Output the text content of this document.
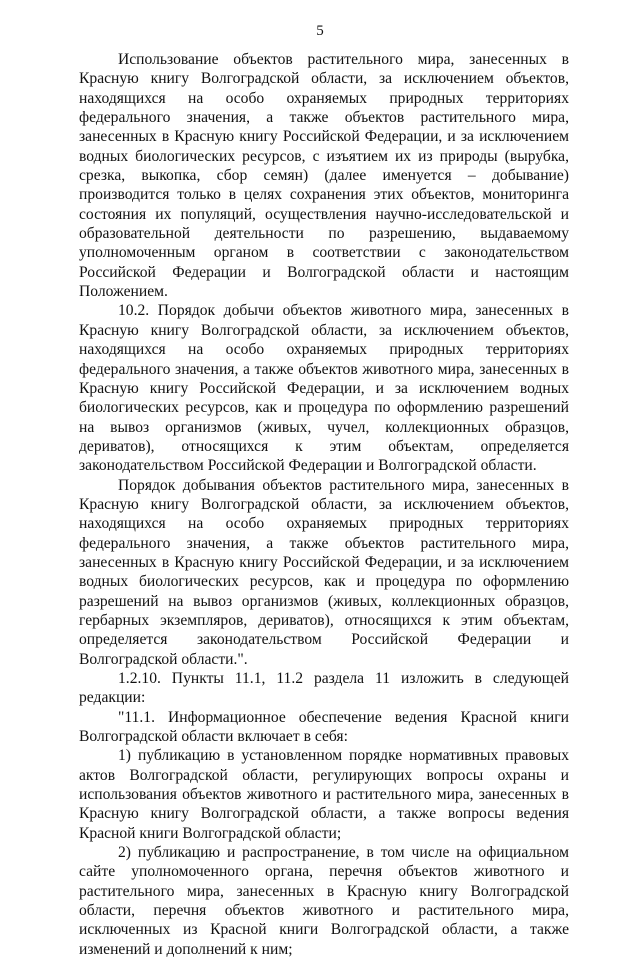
5

Использование объектов растительного мира, занесенных в Красную книгу Волгоградской области, за исключением объектов, находящихся на особо охраняемых природных территориях федерального значения, а также объектов растительного мира, занесенных в Красную книгу Российской Федерации, и за исключением водных биологических ресурсов, с изъятием их из природы (вырубка, срезка, выкопка, сбор семян) (далее именуется – добывание) производится только в целях сохранения этих объектов, мониторинга состояния их популяций, осуществления научно-исследовательской и образовательной деятельности по разрешению, выдаваемому уполномоченным органом в соответствии с законодательством Российской Федерации и Волгоградской области и настоящим Положением.

10.2. Порядок добычи объектов животного мира, занесенных в Красную книгу Волгоградской области, за исключением объектов, находящихся на особо охраняемых природных территориях федерального значения, а также объектов животного мира, занесенных в Красную книгу Российской Федерации, и за исключением водных биологических ресурсов, как и процедура по оформлению разрешений на вывоз организмов (живых, чучел, коллекционных образцов, дериватов), относящихся к этим объектам, определяется законодательством Российской Федерации и Волгоградской области.

Порядок добывания объектов растительного мира, занесенных в Красную книгу Волгоградской области, за исключением объектов, находящихся на особо охраняемых природных территориях федерального значения, а также объектов растительного мира, занесенных в Красную книгу Российской Федерации, и за исключением водных биологических ресурсов, как и процедура по оформлению разрешений на вывоз организмов (живых, коллекционных образцов, гербарных экземпляров, дериватов), относящихся к этим объектам, определяется законодательством Российской Федерации и Волгоградской области.".

1.2.10. Пункты 11.1, 11.2 раздела 11 изложить в следующей редакции:

"11.1. Информационное обеспечение ведения Красной книги Волгоградской области включает в себя:

1) публикацию в установленном порядке нормативных правовых актов Волгоградской области, регулирующих вопросы охраны и использования объектов животного и растительного мира, занесенных в Красную книгу Волгоградской области, а также вопросы ведения Красной книги Волгоградской области;

2) публикацию и распространение, в том числе на официальном сайте уполномоченного органа, перечня объектов животного и растительного мира, занесенных в Красную книгу Волгоградской области, перечня объектов животного и растительного мира, исключенных из Красной книги Волгоградской области, а также изменений и дополнений к ним;
